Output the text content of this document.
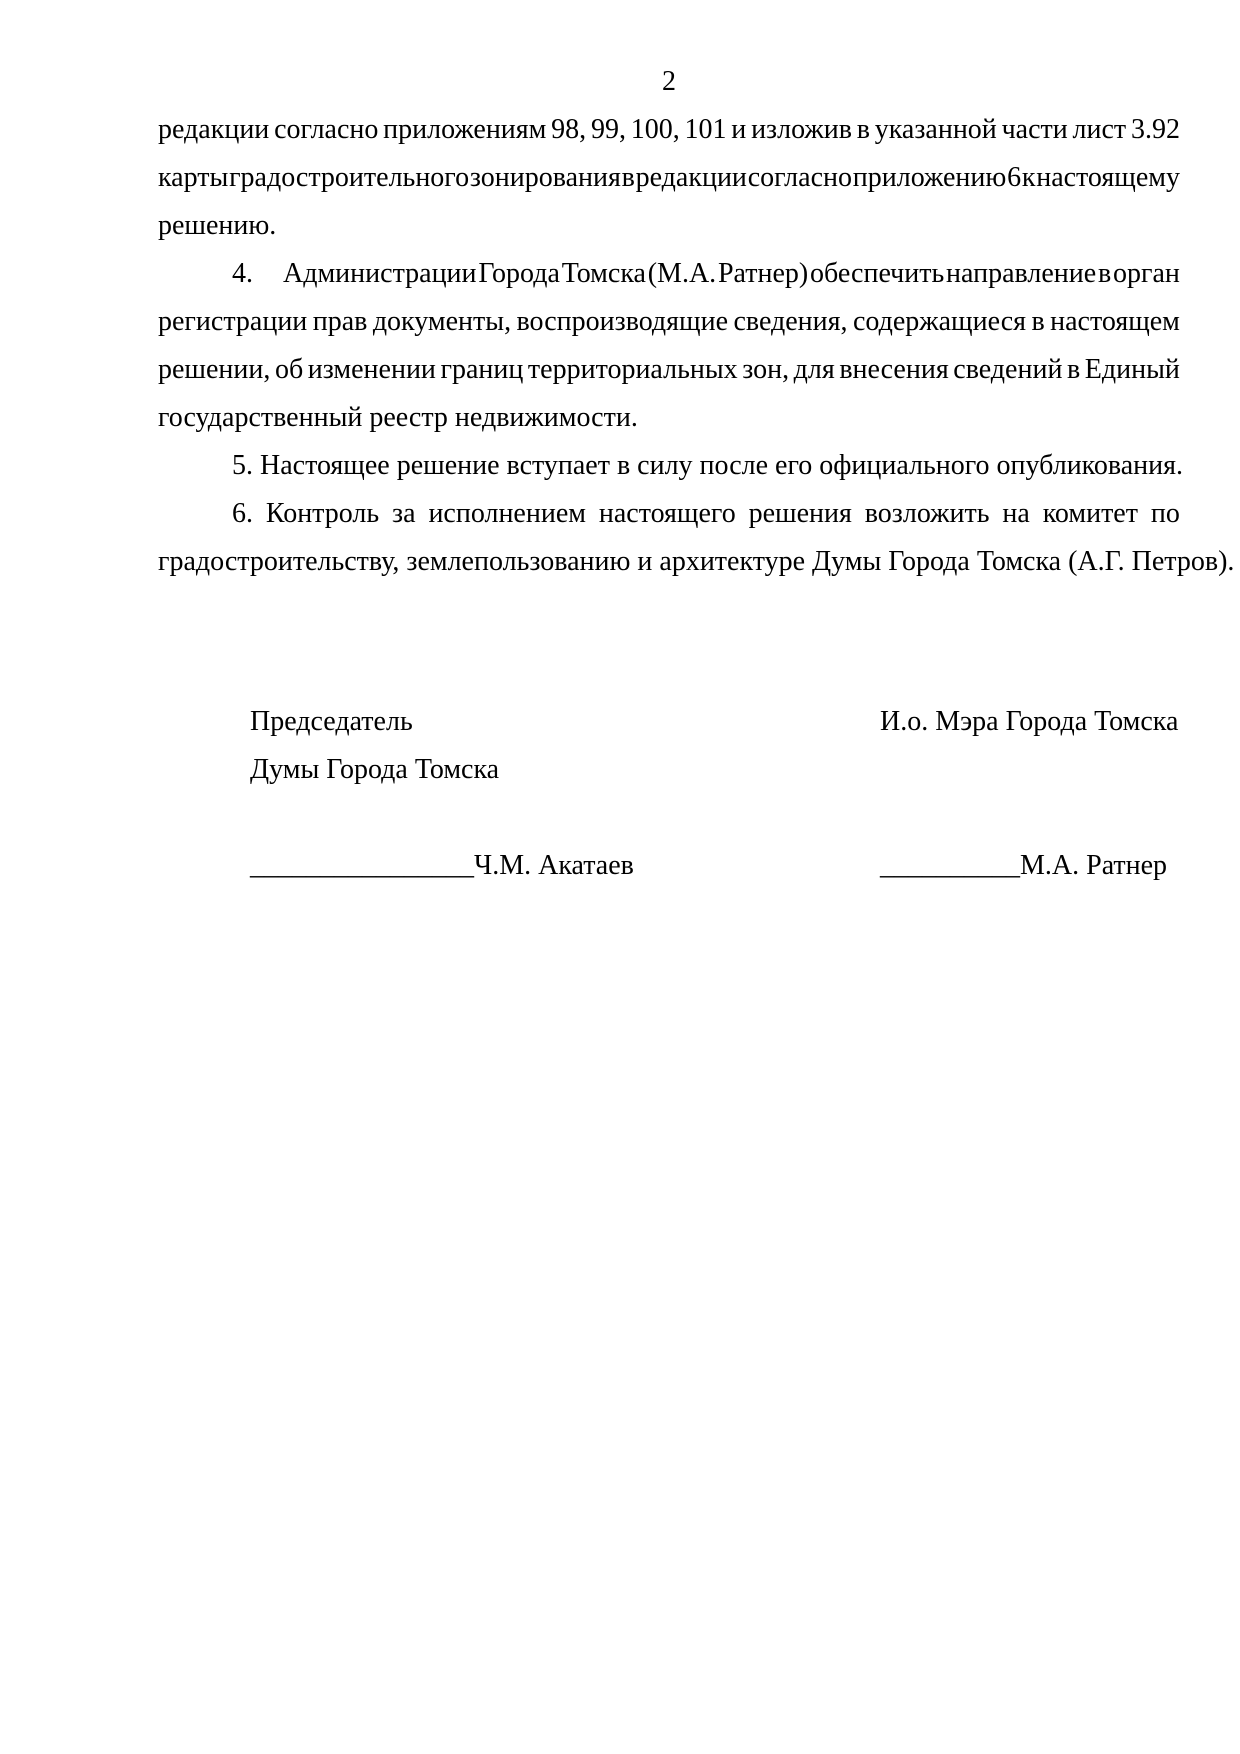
2
редакции согласно приложениям 98, 99, 100, 101 и изложив в указанной части лист 3.92
карты градостроительного зонирования в редакции согласно приложению 6 к настоящему
решению.
4. Администрации Города Томска (М.А. Ратнер) обеспечить направление в орган
регистрации прав документы, воспроизводящие сведения, содержащиеся в настоящем
решении, об изменении границ территориальных зон, для внесения сведений в Единый
государственный реестр недвижимости.
5. Настоящее решение вступает в силу после его официального опубликования.
6. Контроль за исполнением настоящего решения возложить на комитет по
градостроительству, землепользованию и архитектуре Думы Города Томска (А.Г. Петров).
Председатель	И.о. Мэра Города Томска
Думы Города Томска
________________Ч.М. Акатаев	__________М.А. Ратнер
